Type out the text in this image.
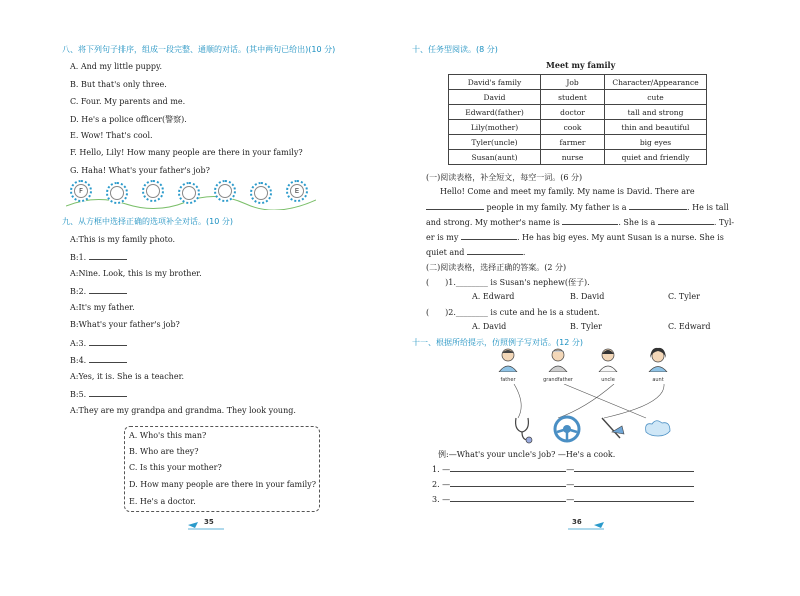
八、将下列句子排序，组成一段完整、通顺的对话。(其中两句已给出)(10 分)
A. And my little puppy.
B. But that's only three.
C. Four. My parents and me.
D. He's a police officer(警察).
E. Wow! That's cool.
F. Hello, Lily! How many people are there in your family?
G. Haha! What's your father's job?
F	E
九、从方框中选择正确的选项补全对话。(10 分)
A:This is my family photo.
B:1.
A:Nine. Look, this is my brother.
B:2.
A:It's my father.
B:What's your father's job?
A:3.
B:4.
A:Yes, it is. She is a teacher.
B:5.
A:They are my grandpa and grandma. They look young.
A. Who's this man?
B. Who are they?
C. Is this your mother?
D. How many people are there in your family?
E. He's a doctor.
35
十、任务型阅读。(8 分)
Meet my family
David's family	Job	Character/Appearance
David	student	cute
Edward(father)	doctor	tall and strong
Lily(mother)	cook	thin and beautiful
Tyler(uncle)	farmer	big eyes
Susan(aunt)	nurse	quiet and friendly
(一)阅读表格，补全短文，每空一词。(6 分)
Hello! Come and meet my family. My name is David. There are
people in my family. My father is a	. He is tall
and strong. My mother's name is	. She is a	. Tyl-
er is my	. He has big eyes. My aunt Susan is a nurse. She is
quiet and	.
(二)阅读表格，选择正确的答案。(2 分)
(　　)1.________ is Susan's nephew(侄子).
A. Edward	B. David	C. Tyler
(　　)2.________ is cute and he is a student.
A. David	B. Tyler	C. Edward
十一、根据所给提示，仿照例子写对话。(12 分)
father	grandfather	uncle	aunt
例:—What's your uncle's job? —He's a cook.
1. —	—
2. —	—
3. —	—
36
